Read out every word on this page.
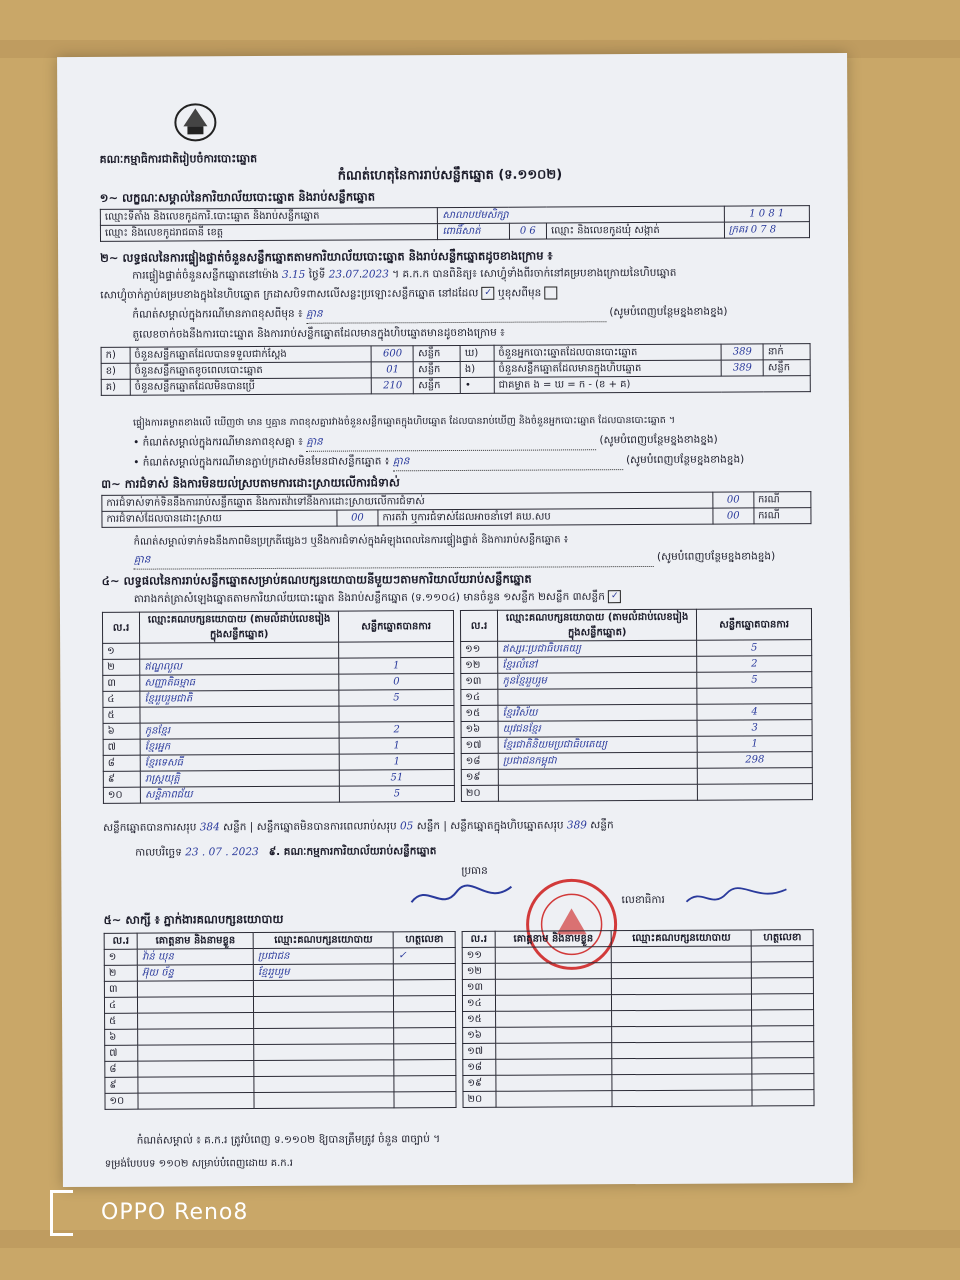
គណៈកម្មាធិការជាតិរៀបចំការបោះឆ្នោត
កំណត់ហេតុនៃការរាប់សន្លឹកឆ្នោត (ទ.១១០២)
១~ លក្ខណៈសម្គាល់នៃការិយាល័យបោះឆ្នោត និងរាប់សន្លឹកឆ្នោត
ឈ្មោះទីតាំង និងលេខកូដការិ.បោះឆ្នោត និងរាប់សន្លឹកឆ្នោត	សាលាបឋមសិក្សា			1 0 8 1
ឈ្មោះ និងលេខកូដរាជធានី ខេត្ត	ពោធិ៍សាត់	0 6	ឈ្មោះ និងលេខកូដឃុំ សង្កាត់	ក្រគរ 0 7 8
២~ លទ្ធផលនៃការផ្ទៀងផ្ទាត់ចំនួនសន្លឹកឆ្នោតតាមការិយាល័យបោះឆ្នោត និងរាប់សន្លឹកឆ្នោតដូចខាងក្រោម ៖
ការផ្ទៀងផ្ទាត់ចំនួនសន្លឹកឆ្នោតនៅម៉ោង 3.15 ថ្ងៃទី 23.07.2023 ។ គ.ក.ក បានពិនិត្យ៖ សោហ្វុំទាំងពីរចាក់នៅគម្របខាងក្រោយនៃហិបឆ្នោត
សោហ្វុំចាក់ភ្ជាប់គម្របខាងក្នុងនៃហិបឆ្នោត ក្រដាសបិទពាសលើសន្លះប្រឡោះសន្លឹកឆ្នោត នៅដដែល ✓ ឬខុសពីមុន
កំណត់សម្គាល់ក្នុងករណីមានភាពខុសពីមុន ៖ គ្មាន	(សូមបំពេញបន្ថែមខ្នងខាងខ្នង)
តួលេខចាក់ចងនឹងការបោះឆ្នោត និងការរាប់សន្លឹកឆ្នោតដែលមានក្នុងហិបឆ្នោតមានដូចខាងក្រោម ៖
ក)	ចំនួនសន្លឹកឆ្នោតដែលបានទទួលជាក់ស្តែង	600	សន្លឹក	ឃ)	ចំនួនអ្នកបោះឆ្នោតដែលបានបោះឆ្នោត	389	នាក់
ខ)	ចំនួនសន្លឹកឆ្នោតខូចពេលបោះឆ្នោត	01	សន្លឹក	ង)	ចំនួនសន្លឹកឆ្នោតដែលមានក្នុងហិបឆ្នោត	389	សន្លឹក
គ)	ចំនួនសន្លឹកឆ្នោតដែលមិនបានប្រើ	210	សន្លឹក	•	ជាគម្លាត ង = ឃ = ក - (ខ + គ)		
ផ្ទៀងការគម្លាតខាងលើ ឃើញថា មាន ឬគ្មាន ភាពខុសគ្នារវាងចំនួនសន្លឹកឆ្នោតក្នុងហិបឆ្នោត ដែលបានរាប់ឃើញ និងចំនួនអ្នកបោះឆ្នោត ដែលបានបោះឆ្នោត ។
• កំណត់សម្គាល់ក្នុងករណីមានភាពខុសគ្នា ៖ គ្មាន	(សូមបំពេញបន្ថែមខ្នងខាងខ្នង)
• កំណត់សម្គាល់ក្នុងករណីមានភ្ជាប់ក្រដាសមិនមែនជាសន្លឹកឆ្នោត ៖ គ្មាន	(សូមបំពេញបន្ថែមខ្នងខាងខ្នង)
៣~ ការជំទាស់ និងការមិនយល់ស្របតាមការដោះស្រាយលើការជំទាស់
ការជំទាស់ទាក់ទិននឹងការរាប់សន្លឹកឆ្នោត និងការតវ៉ាទៅនឹងការដោះស្រាយលើការជំទាស់			00	ករណី
ការជំទាស់ដែលបានដោះស្រាយ	00	ការតវ៉ា ឬការជំទាស់ដែលអាចនាំទៅ គឃ.សប	00	ករណី
កំណត់សម្គាល់ទាក់ទងនឹងភាពមិនប្រក្រតីផ្សេងៗ ឬនឹងការជំទាស់ក្នុងអំឡុងពេលនៃការផ្ទៀងផ្ទាត់ និងការរាប់សន្លឹកឆ្នោត ៖
គ្មាន	(សូមបំពេញបន្ថែមខ្នងខាងខ្នង)
៤~ លទ្ធផលនៃការរាប់សន្លឹកឆ្នោតសម្រាប់គណបក្សនយោបាយនីមួយៗតាមការិយាល័យរាប់សន្លឹកឆ្នោត
តារាងកត់ត្រាសំឡេងឆ្នោតតាមការិយាល័យបោះឆ្នោត និងរាប់សន្លឹកឆ្នោត (ទ.១១០៤) មានចំនួន ១សន្លឹក ២សន្លឹក ៣សន្លឹក ✓
ល.រ	ឈ្មោះគណបក្សនយោបាយ (តាមលំដាប់លេខរៀងក្នុងសន្លឹកឆ្នោត)	សន្លឹកឆ្នោតបានការ
១		
២	ឥណ្ឌលួល	1
៣	សញ្ញាតិធម្មាធ	0
៤	ខ្មែររួបរួមជាតិ	5
៥		
៦	កូនខ្មែរ	2
៧	ខ្មែរអ្នក	1
៨	ខ្មែរទេសធី	1
៩	រាស្ត្រយុត្តិ	51
១០	សន្ដិភាពជ័យ	5
ល.រ	ឈ្មោះគណបក្សនយោបាយ (តាមលំដាប់លេខរៀងក្នុងសន្លឹកឆ្នោត)	សន្លឹកឆ្នោតបានការ
១១	ឥស្សរៈប្រជាធិបតេយ្យ	5
១២	ខ្មែរលំនៅ	2
១៣	កូនខ្មែររួបរួម	5
១៤		
១៥	ខ្មែរវិស័យ	4
១៦	យុវជនខ្មែរ	3
១៧	ខ្មែរជាតិនិយមប្រជាធិបតេយ្យ	1
១៨	ប្រជាជនកម្ពុជា	298
១៩		
២០		
សន្លឹកឆ្នោតបានការសរុប 384 សន្លឹក | សន្លឹកឆ្នោតមិនបានការពេលរាប់សរុប 05 សន្លឹក | សន្លឹកឆ្នោតក្នុងហិបឆ្នោតសរុប 389 សន្លឹក
កាលបរិច្ឆេទ 23 . 07 . 2023 ៩. គណៈកម្មការការិយាល័យរាប់សន្លឹកឆ្នោត
ប្រធាន
លេខាធិការ
៥~ សាក្សី ៖ ភ្នាក់ងារគណបក្សនយោបាយ
ល.រ	គោត្តនាម និងនាមខ្លួន	ឈ្មោះគណបក្សនយោបាយ	ហត្ថលេខា
១	វ៉ាន់ ឃុន	ប្រជាជន	✓
២	អ៊ុយ ច័ន្ទ	ខ្មែររួបរួម	
៣			
៤			
៥			
៦			
៧			
៨			
៩			
១០			
ល.រ	គោត្តនាម និងនាមខ្លួន	ឈ្មោះគណបក្សនយោបាយ	ហត្ថលេខា
១១			
១២			
១៣			
១៤			
១៥			
១៦			
១៧			
១៨			
១៩			
២០			
កំណត់សម្គាល់ ៖ គ.ក.រ ត្រូវបំពេញ ទ.១១០២ ឱ្យបានត្រឹមត្រូវ ចំនួន ៣ច្បាប់ ។
ទម្រង់បែបបទ ១១០២ សម្រាប់បំពេញដោយ គ.ក.រ
OPPO Reno8
